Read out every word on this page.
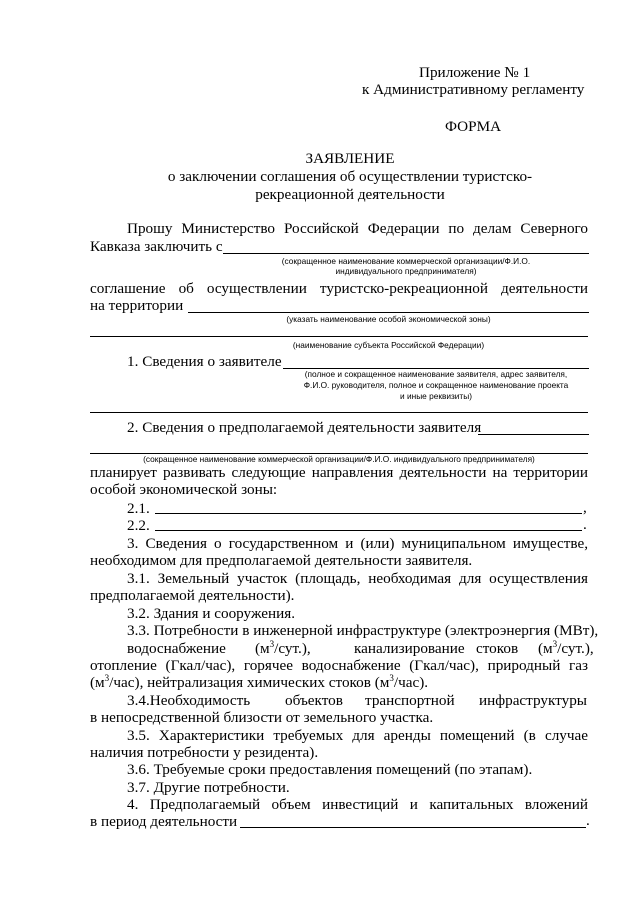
Приложение № 1
к Административному регламенту
ФОРМА
ЗАЯВЛЕНИЕ
о заключении соглашения об осуществлении туристско-
рекреационной деятельности
Прошу Министерство Российской Федерации по делам Северного
Кавказа заключить с
(сокращенное наименование коммерческой организации/Ф.И.О.
индивидуального предпринимателя)
соглашение об осуществлении туристско-рекреационной деятельности
на территории
(указать наименование особой экономической зоны)
(наименование субъекта Российской Федерации)
1. Сведения о заявителе
(полное и сокращенное наименование заявителя, адрес заявителя,
Ф.И.О. руководителя, полное и сокращенное наименование проекта
и иные реквизиты)
2. Сведения о предполагаемой деятельности заявителя
(сокращенное наименование коммерческой организации/Ф.И.О. индивидуального предпринимателя)
планирует развивать следующие направления деятельности на территории
особой экономической зоны:
2.1.	,
2.2.	.
3. Сведения о государственном и (или) муниципальном имуществе,
необходимом для предполагаемой деятельности заявителя.
3.1. Земельный участок (площадь, необходимая для осуществления
предполагаемой деятельности).
3.2. Здания и сооружения.
3.3. Потребности в инженерной инфраструктуре (электроэнергия (МВт),
водоснабжение $(м^3/сут.)$,	канализирование стоков $(м^3/сут.)$,
отопление (Гкал/час), горячее водоснабжение (Гкал/час), природный газ
$(м^3/час)$, нейтрализация химических стоков $(м^3/час)$.
3.4.Необходимость объектов транспортной инфраструктуры
в непосредственной близости от земельного участка.
3.5. Характеристики требуемых для аренды помещений (в случае
наличия потребности у резидента).
3.6. Требуемые сроки предоставления помещений (по этапам).
3.7. Другие потребности.
4. Предполагаемый объем инвестиций и капитальных вложений
в период деятельности	.
